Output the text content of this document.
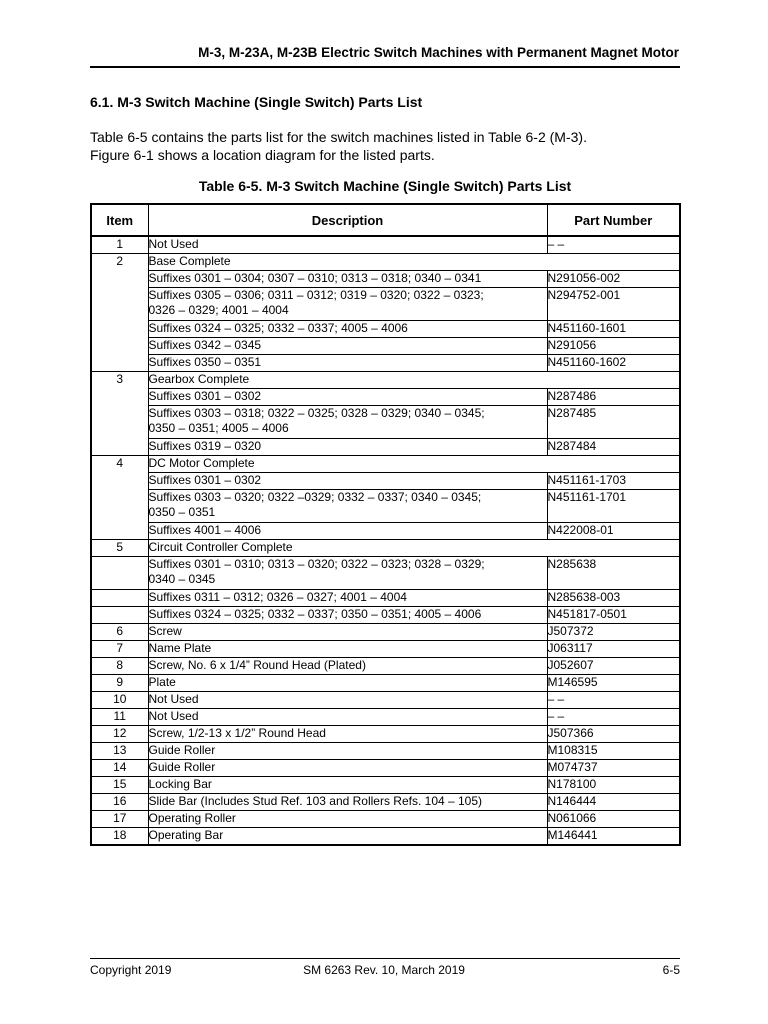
M-3, M-23A, M-23B Electric Switch Machines with Permanent Magnet Motor
6.1. M-3 Switch Machine (Single Switch) Parts List
Table 6-5 contains the parts list for the switch machines listed in Table 6-2 (M-3).
Figure 6-1 shows a location diagram for the listed parts.
Table 6-5. M-3 Switch Machine (Single Switch) Parts List
Item	Description	Part Number
1	Not Used	– –
2	Base Complete	
	Suffixes 0301 – 0304; 0307 – 0310; 0313 – 0318; 0340 – 0341	N291056-002
	Suffixes 0305 – 0306; 0311 – 0312; 0319 – 0320; 0322 – 0323;
0326 – 0329; 4001 – 4004	N294752-001
	Suffixes 0324 – 0325; 0332 – 0337; 4005 – 4006	N451160-1601
	Suffixes 0342 – 0345	N291056
	Suffixes 0350 – 0351	N451160-1602
3	Gearbox Complete	
	Suffixes 0301 – 0302	N287486
	Suffixes 0303 – 0318; 0322 – 0325; 0328 – 0329; 0340 – 0345;
0350 – 0351; 4005 – 4006	N287485
	Suffixes 0319 – 0320	N287484
4	DC Motor Complete	
	Suffixes 0301 – 0302	N451161-1703
	Suffixes 0303 – 0320; 0322 –0329; 0332 – 0337; 0340 – 0345;
0350 – 0351	N451161-1701
	Suffixes 4001 – 4006	N422008-01
5	Circuit Controller Complete	
	Suffixes 0301 – 0310; 0313 – 0320; 0322 – 0323; 0328 – 0329;
0340 – 0345	N285638
	Suffixes 0311 – 0312; 0326 – 0327; 4001 – 4004	N285638-003
	Suffixes 0324 – 0325; 0332 – 0337; 0350 – 0351; 4005 – 4006	N451817-0501
6	Screw	J507372
7	Name Plate	J063117
8	Screw, No. 6 x 1/4” Round Head (Plated)	J052607
9	Plate	M146595
10	Not Used	– –
11	Not Used	– –
12	Screw, 1/2-13 x 1/2” Round Head	J507366
13	Guide Roller	M108315
14	Guide Roller	M074737
15	Locking Bar	N178100
16	Slide Bar (Includes Stud Ref. 103 and Rollers Refs. 104 – 105)	N146444
17	Operating Roller	N061066
18	Operating Bar	M146441
Copyright 2019	SM 6263 Rev. 10, March 2019	6-5
